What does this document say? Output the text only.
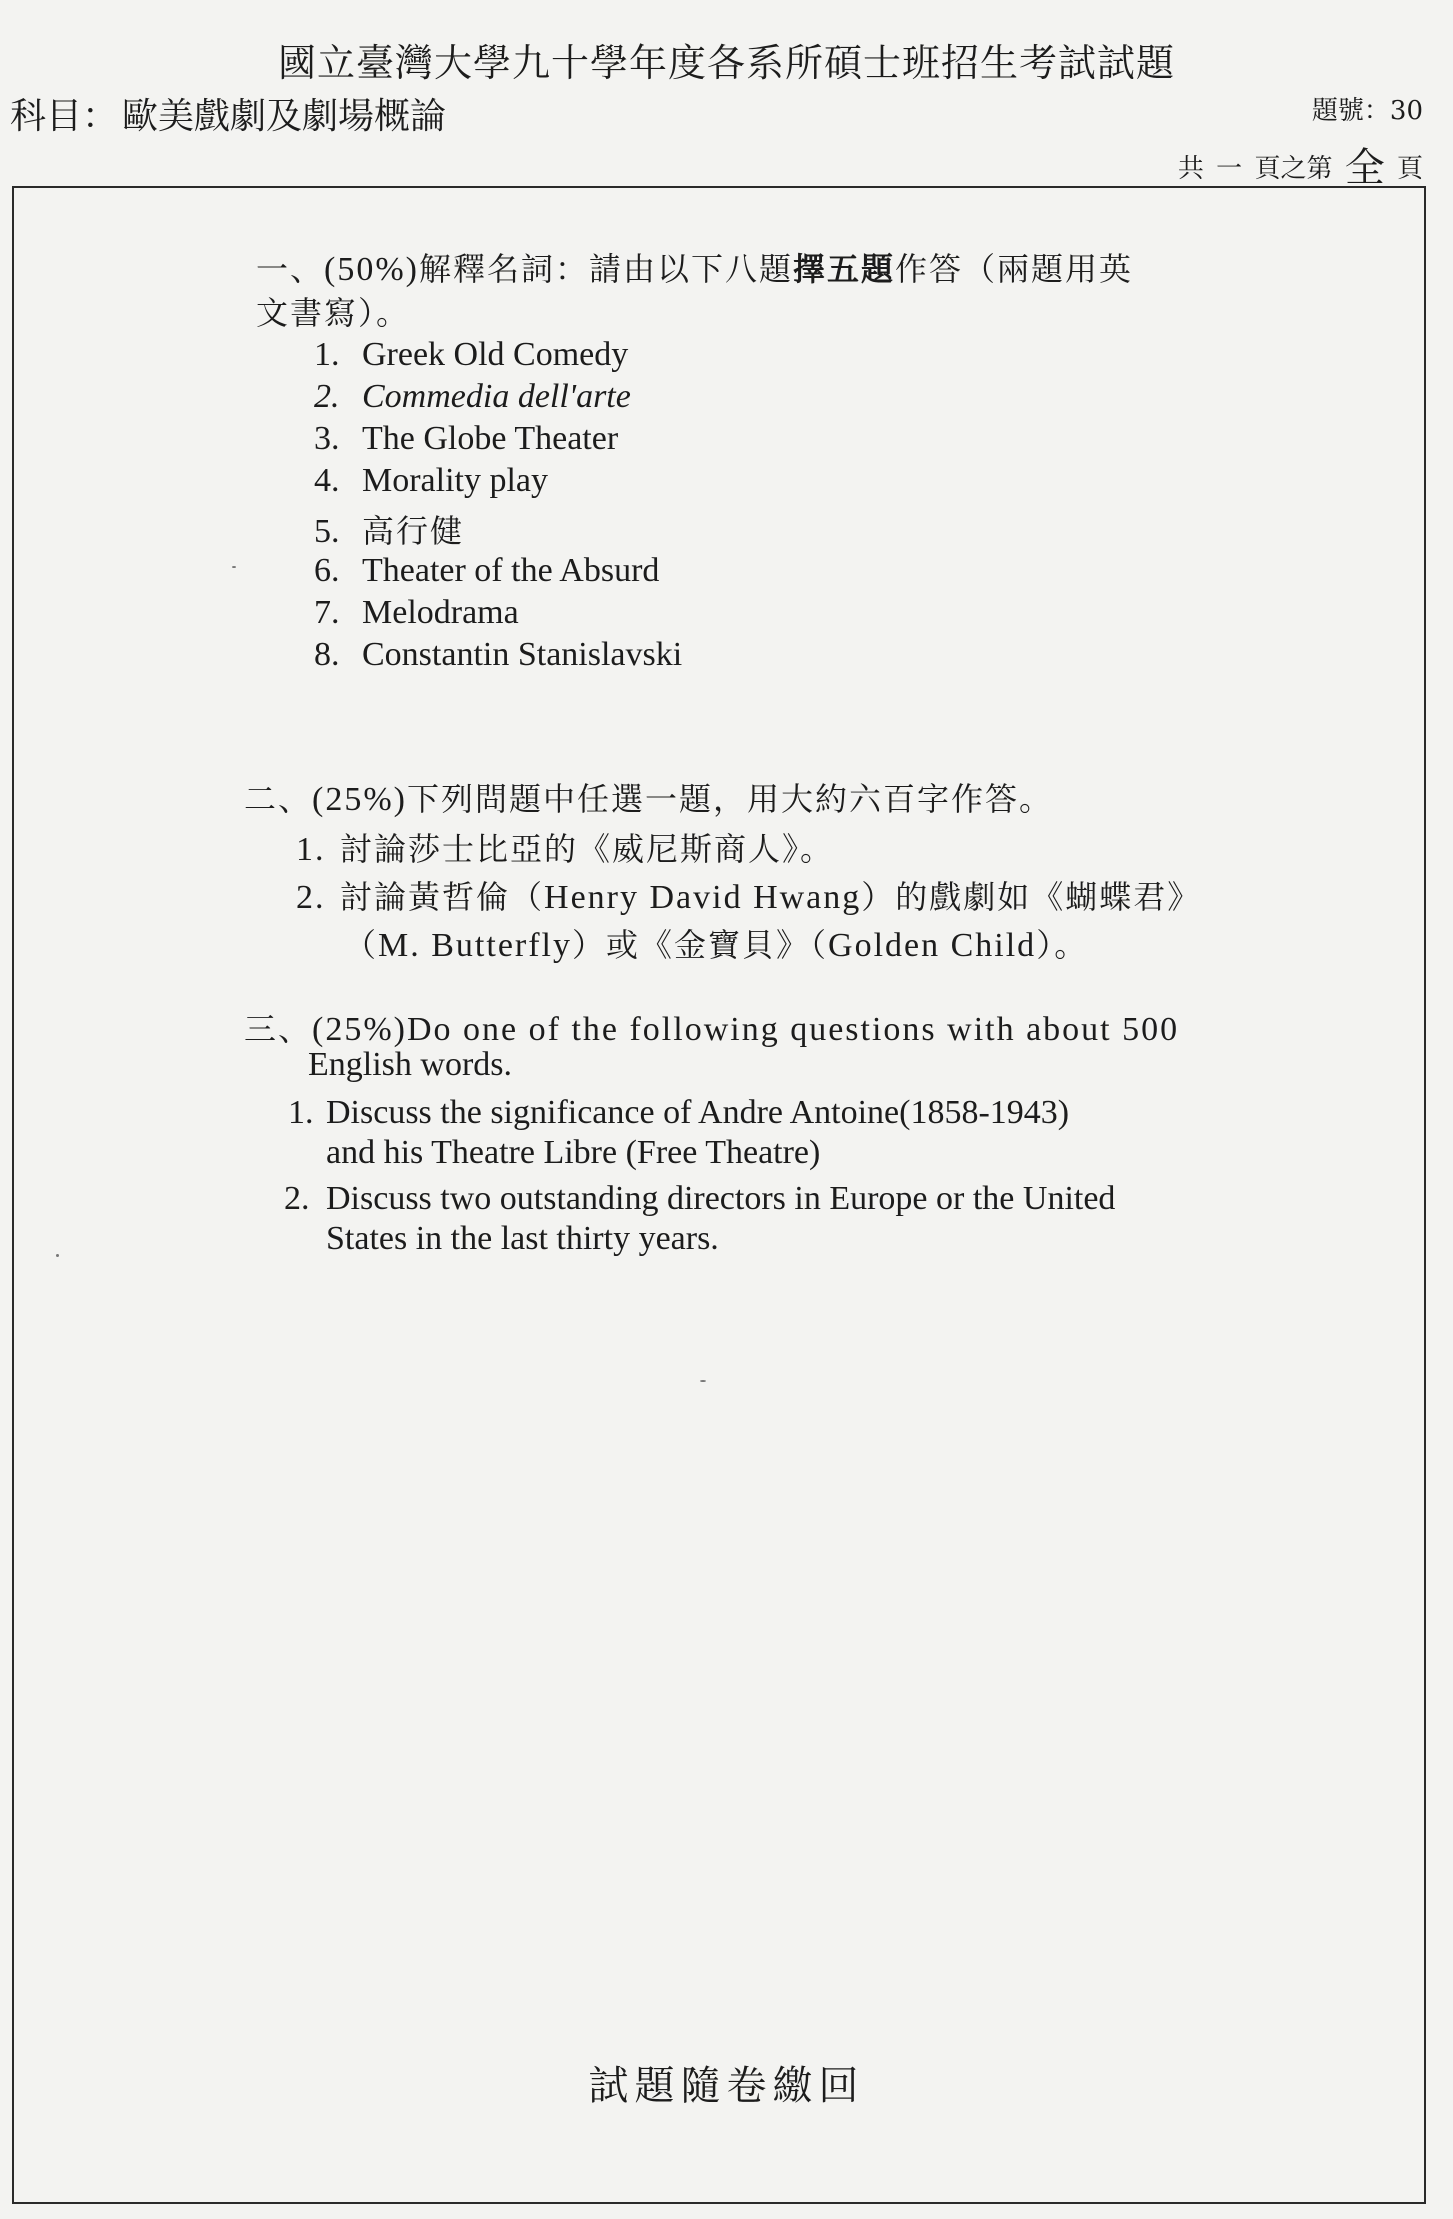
國立臺灣大學九十學年度各系所碩士班招生考試試題
科目： 歐美戲劇及劇場概論	題號：30
共 一 頁之第 全 頁
一、(50%)解釋名詞：請由以下八題擇五題作答（兩題用英
文書寫）。
1. Greek Old Comedy
2. Commedia dell'arte
3. The Globe Theater
4. Morality play
5. 高行健
6. Theater of the Absurd
7. Melodrama
8. Constantin Stanislavski
二、(25%)下列問題中任選一題，用大約六百字作答。
1. 討論莎士比亞的《威尼斯商人》。
2. 討論黃哲倫（Henry David Hwang）的戲劇如《蝴蝶君》
（M. Butterfly）或《金寶貝》（Golden Child）。
三、(25%)Do one of the following questions with about 500
English words.
1. Discuss the significance of Andre Antoine(1858-1943)
and his Theatre Libre (Free Theatre)
2. Discuss two outstanding directors in Europe or the United
States in the last thirty years.
試題隨卷繳回
